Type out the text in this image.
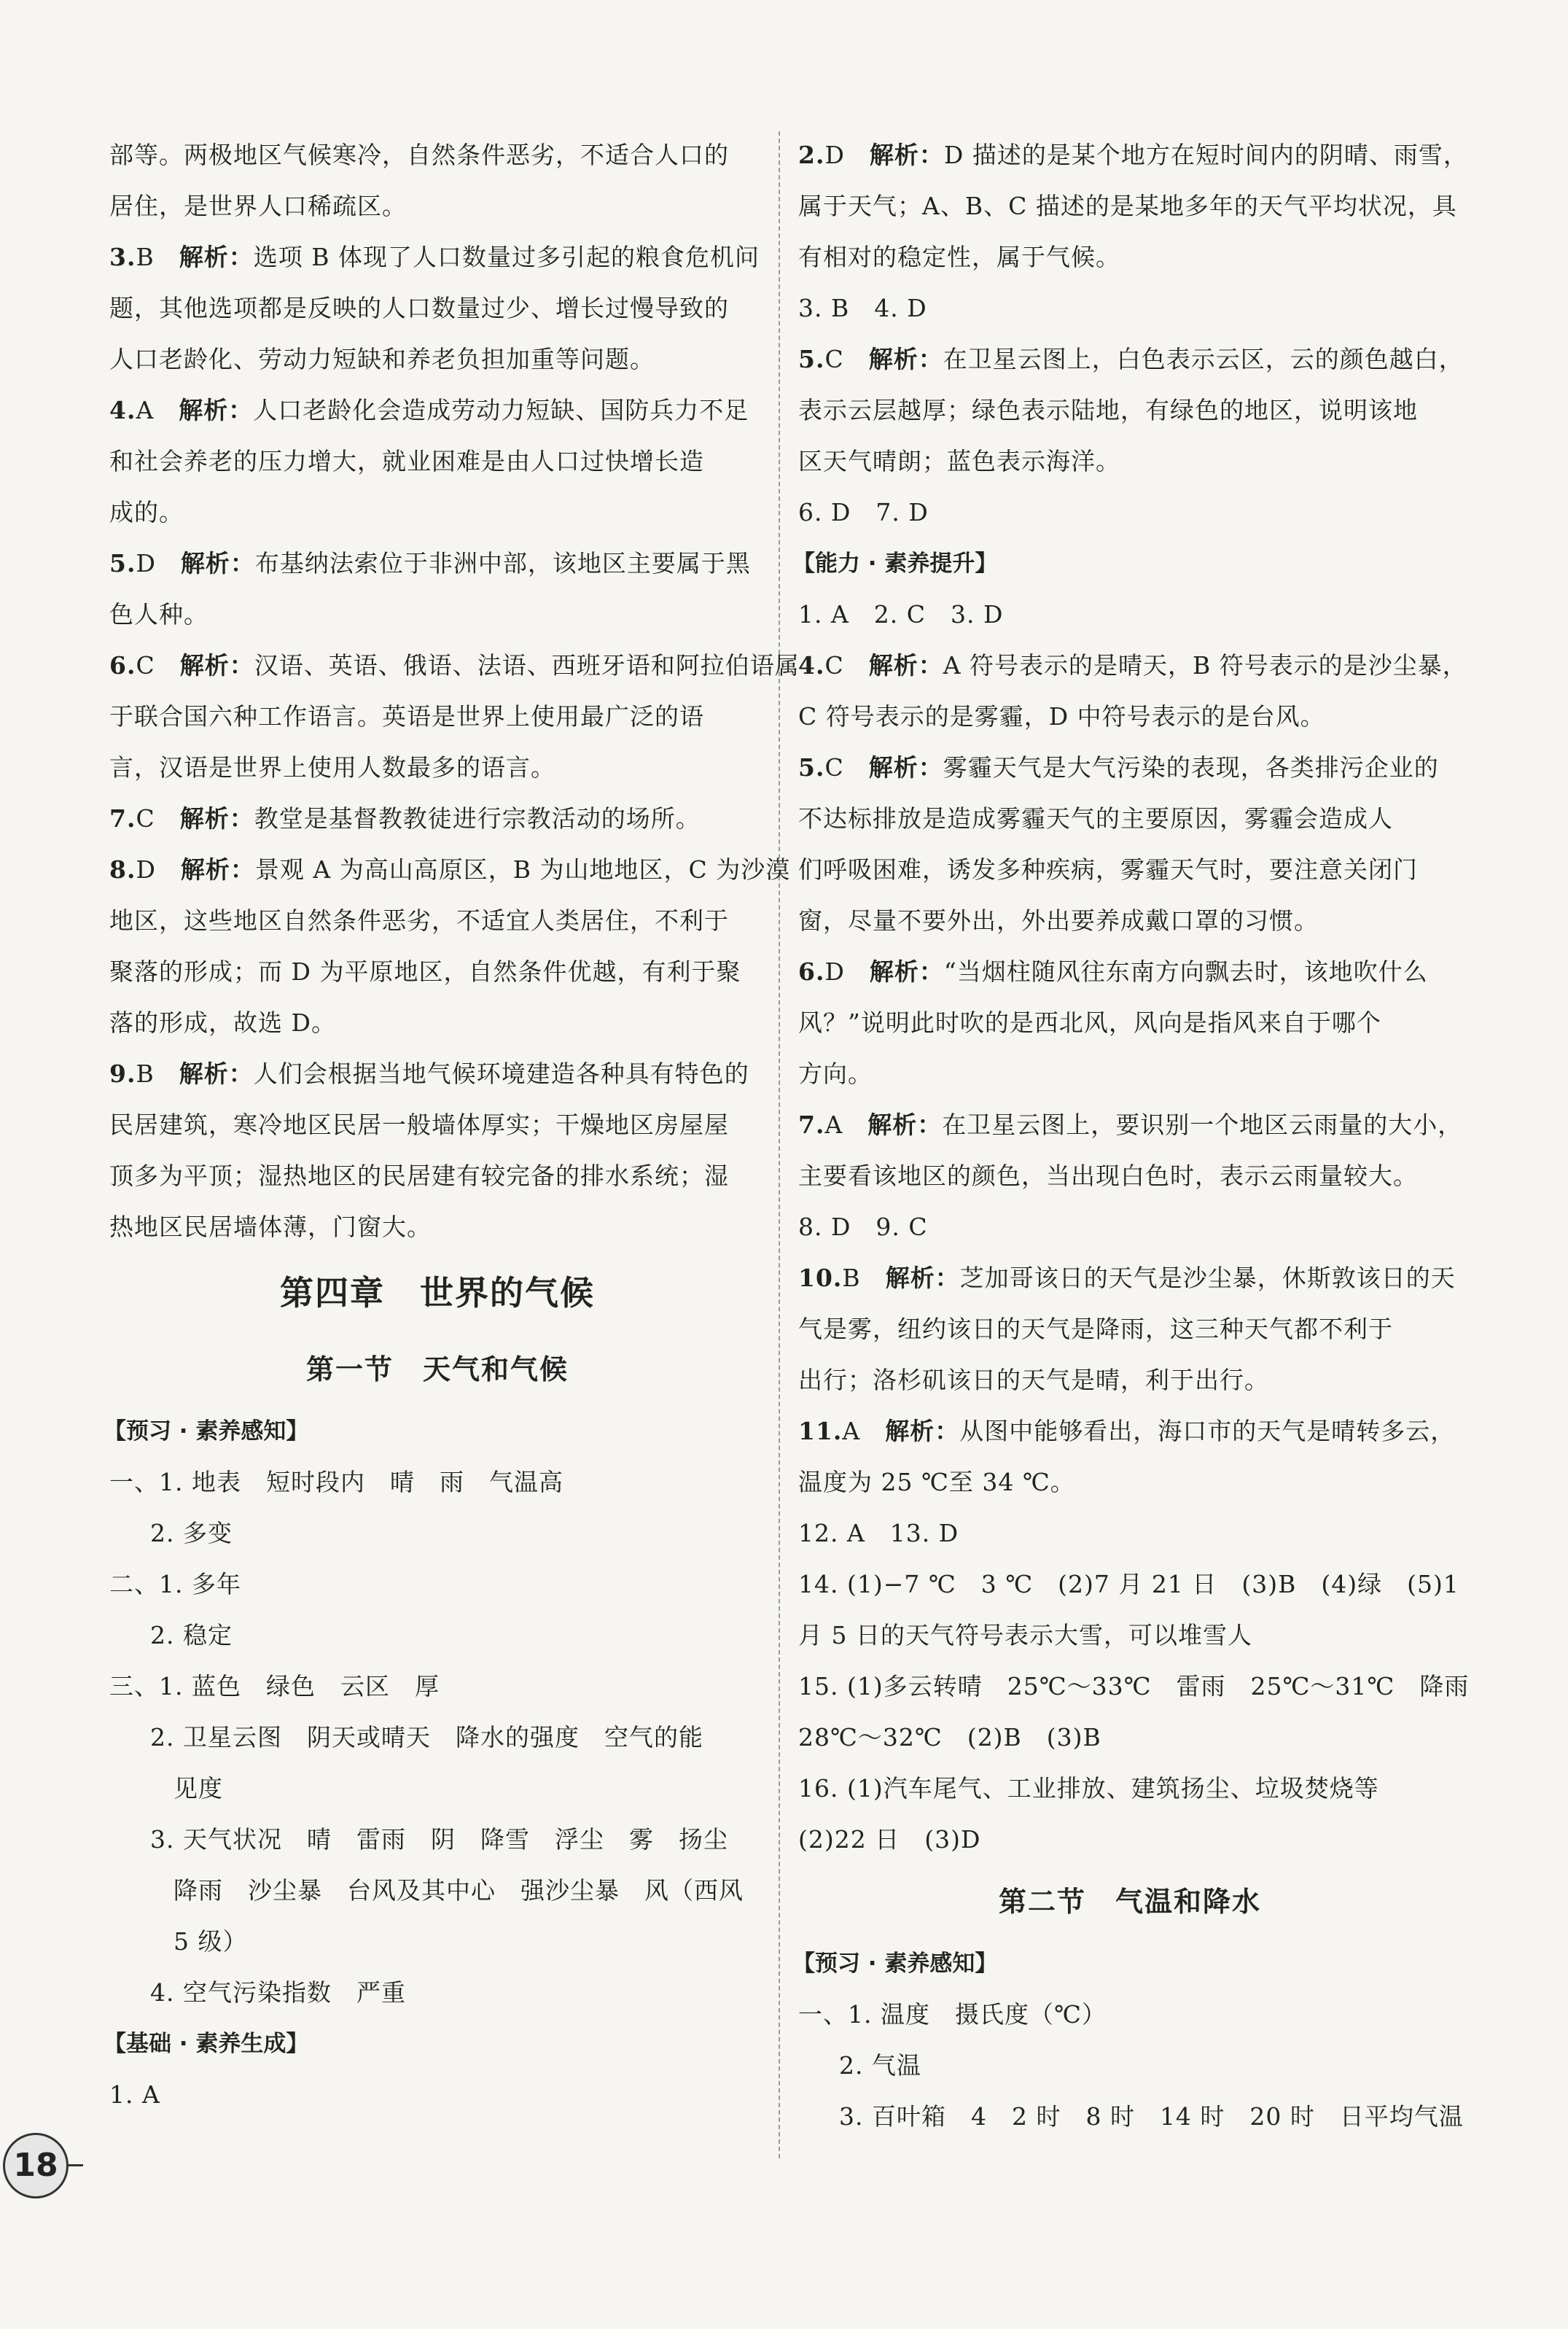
部等。两极地区气候寒冷，自然条件恶劣，不适合人口的
居住，是世界人口稀疏区。
3.B　 解析：选项 B 体现了人口数量过多引起的粮食危机问
题，其他选项都是反映的人口数量过少、增长过慢导致的
人口老龄化、劳动力短缺和养老负担加重等问题。
4.A　 解析：人口老龄化会造成劳动力短缺、国防兵力不足
和社会养老的压力增大，就业困难是由人口过快增长造
成的。
5.D　 解析：布基纳法索位于非洲中部，该地区主要属于黑
色人种。
6.C　 解析：汉语、英语、俄语、法语、西班牙语和阿拉伯语属
于联合国六种工作语言。英语是世界上使用最广泛的语
言，汉语是世界上使用人数最多的语言。
7.C　 解析：教堂是基督教教徒进行宗教活动的场所。
8.D　 解析：景观 A 为高山高原区，B 为山地地区，C 为沙漠
地区，这些地区自然条件恶劣，不适宜人类居住，不利于
聚落的形成；而 D 为平原地区，自然条件优越，有利于聚
落的形成，故选 D。
9.B　 解析：人们会根据当地气候环境建造各种具有特色的
民居建筑，寒冷地区民居一般墙体厚实；干燥地区房屋屋
顶多为平顶；湿热地区的民居建有较完备的排水系统；湿
热地区民居墙体薄，门窗大。
第四章　世界的气候
第一节　天气和气候
【预习 · 素养感知】
一、1. 地表　短时段内　晴　雨　气温高
2. 多变
二、1. 多年
2. 稳定
三、1. 蓝色　绿色　云区　厚
2. 卫星云图　阴天或晴天　降水的强度　空气的能
见度
3. 天气状况　晴　雷雨　阴　降雪　浮尘　雾　扬尘
降雨　沙尘暴　台风及其中心　强沙尘暴　风（西风
5 级）
4. 空气污染指数　严重
【基础 · 素养生成】
1. A
2.D　 解析：D 描述的是某个地方在短时间内的阴晴、雨雪，
属于天气；A、B、C 描述的是某地多年的天气平均状况，具
有相对的稳定性，属于气候。
3. B　4. D
5.C　 解析：在卫星云图上，白色表示云区，云的颜色越白，
表示云层越厚；绿色表示陆地，有绿色的地区，说明该地
区天气晴朗；蓝色表示海洋。
6. D　7. D
【能力 · 素养提升】
1. A　2. C　3. D
4.C　 解析：A 符号表示的是晴天，B 符号表示的是沙尘暴，
C 符号表示的是雾霾，D 中符号表示的是台风。
5.C　 解析：雾霾天气是大气污染的表现，各类排污企业的
不达标排放是造成雾霾天气的主要原因，雾霾会造成人
们呼吸困难，诱发多种疾病，雾霾天气时，要注意关闭门
窗，尽量不要外出，外出要养成戴口罩的习惯。
6.D　 解析：“当烟柱随风往东南方向飘去时，该地吹什么
风？”说明此时吹的是西北风，风向是指风来自于哪个
方向。
7.A　 解析：在卫星云图上，要识别一个地区云雨量的大小，
主要看该地区的颜色，当出现白色时，表示云雨量较大。
8. D　9. C
10.B　 解析：芝加哥该日的天气是沙尘暴，休斯敦该日的天
气是雾，纽约该日的天气是降雨，这三种天气都不利于
出行；洛杉矶该日的天气是晴，利于出行。
11.A　 解析：从图中能够看出，海口市的天气是晴转多云，
温度为 25 ℃至 34 ℃。
12. A　13. D
14. (1)−7 ℃　3 ℃　(2)7 月 21 日　(3)B　(4)绿　(5)1
月 5 日的天气符号表示大雪，可以堆雪人
15. (1)多云转晴　25℃～33℃　雷雨　25℃～31℃　降雨
28℃～32℃　(2)B　(3)B
16. (1)汽车尾气、工业排放、建筑扬尘、垃圾焚烧等
(2)22 日　(3)D
第二节　气温和降水
【预习 · 素养感知】
一、1. 温度　摄氏度（℃）
2. 气温
3. 百叶箱　4　2 时　8 时　14 时　20 时　日平均气温
18
